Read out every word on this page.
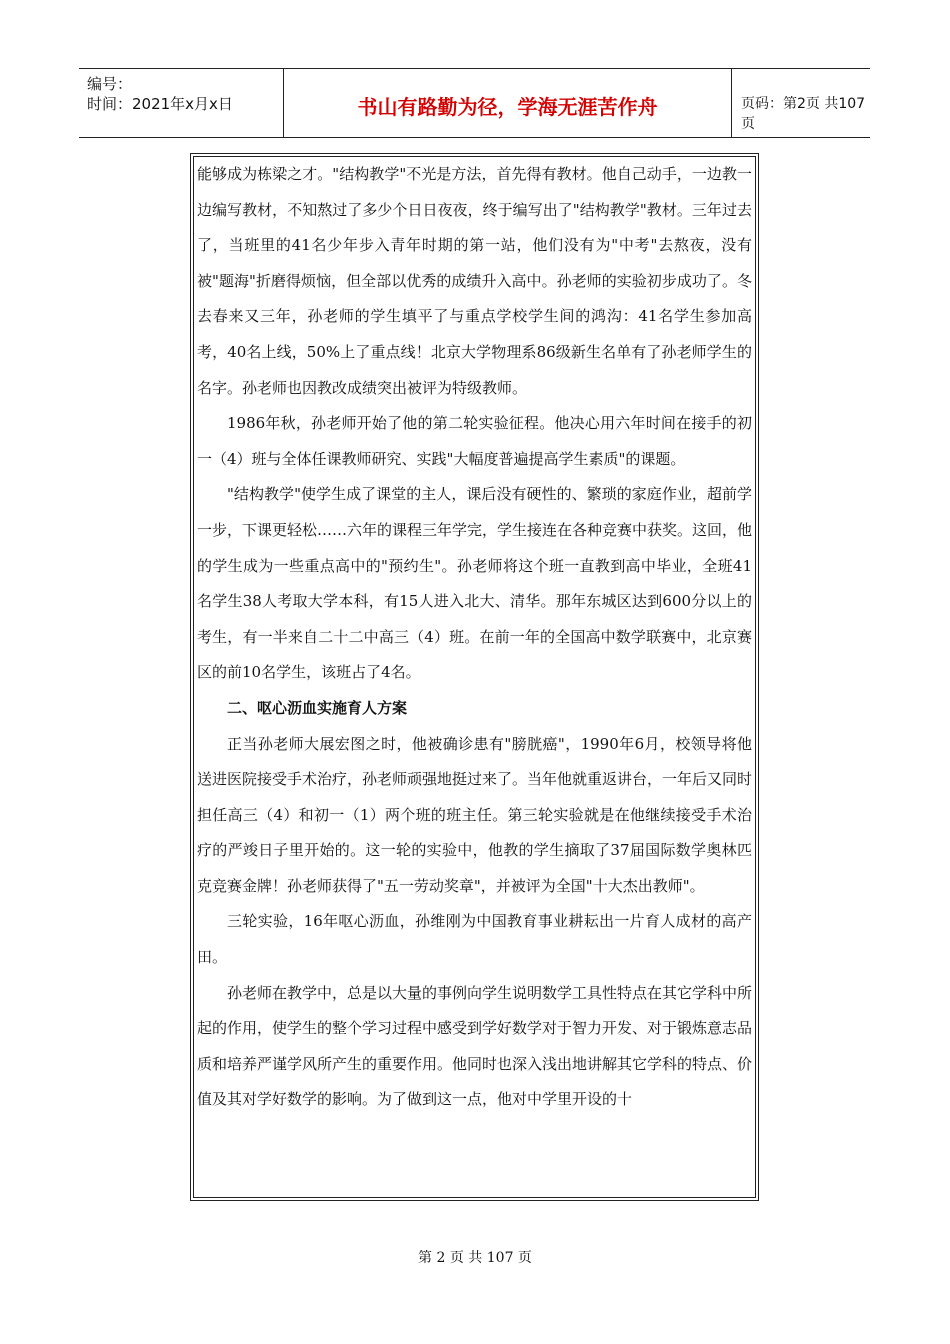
编号：
时间：2021年x月x日	书山有路勤为径，学海无涯苦作舟	页码：第2页 共107页

能够成为栋梁之才。"结构教学"不光是方法，首先得有教材。他自己动手，一边教一边编写教材，不知熬过了多少个日日夜夜，终于编写出了"结构教学"教材。三年过去了，当班里的41名少年步入青年时期的第一站，他们没有为"中考"去熬夜，没有被"题海"折磨得烦恼，但全部以优秀的成绩升入高中。孙老师的实验初步成功了。冬去春来又三年，孙老师的学生填平了与重点学校学生间的鸿沟：41名学生参加高考，40名上线，50%上了重点线！北京大学物理系86级新生名单有了孙老师学生的名字。孙老师也因教改成绩突出被评为特级教师。

1986年秋，孙老师开始了他的第二轮实验征程。他决心用六年时间在接手的初一（4）班与全体任课教师研究、实践"大幅度普遍提高学生素质"的课题。

"结构教学"使学生成了课堂的主人，课后没有硬性的、繁琐的家庭作业，超前学一步，下课更轻松……六年的课程三年学完，学生接连在各种竞赛中获奖。这回，他的学生成为一些重点高中的"预约生"。孙老师将这个班一直教到高中毕业，全班41名学生38人考取大学本科，有15人进入北大、清华。那年东城区达到600分以上的考生，有一半来自二十二中高三（4）班。在前一年的全国高中数学联赛中，北京赛区的前10名学生，该班占了4名。

二、呕心沥血实施育人方案

正当孙老师大展宏图之时，他被确诊患有"膀胱癌"，1990年6月，校领导将他送进医院接受手术治疗，孙老师顽强地挺过来了。当年他就重返讲台，一年后又同时担任高三（4）和初一（1）两个班的班主任。第三轮实验就是在他继续接受手术治疗的严竣日子里开始的。这一轮的实验中，他教的学生摘取了37届国际数学奥林匹克竞赛金牌！孙老师获得了"五一劳动奖章"，并被评为全国"十大杰出教师"。

三轮实验，16年呕心沥血，孙维刚为中国教育事业耕耘出一片育人成材的高产田。

孙老师在教学中，总是以大量的事例向学生说明数学工具性特点在其它学科中所起的作用，使学生的整个学习过程中感受到学好数学对于智力开发、对于锻炼意志品质和培养严谨学风所产生的重要作用。他同时也深入浅出地讲解其它学科的特点、价值及其对学好数学的影响。为了做到这一点，他对中学里开设的十

第 2 页 共 107 页
